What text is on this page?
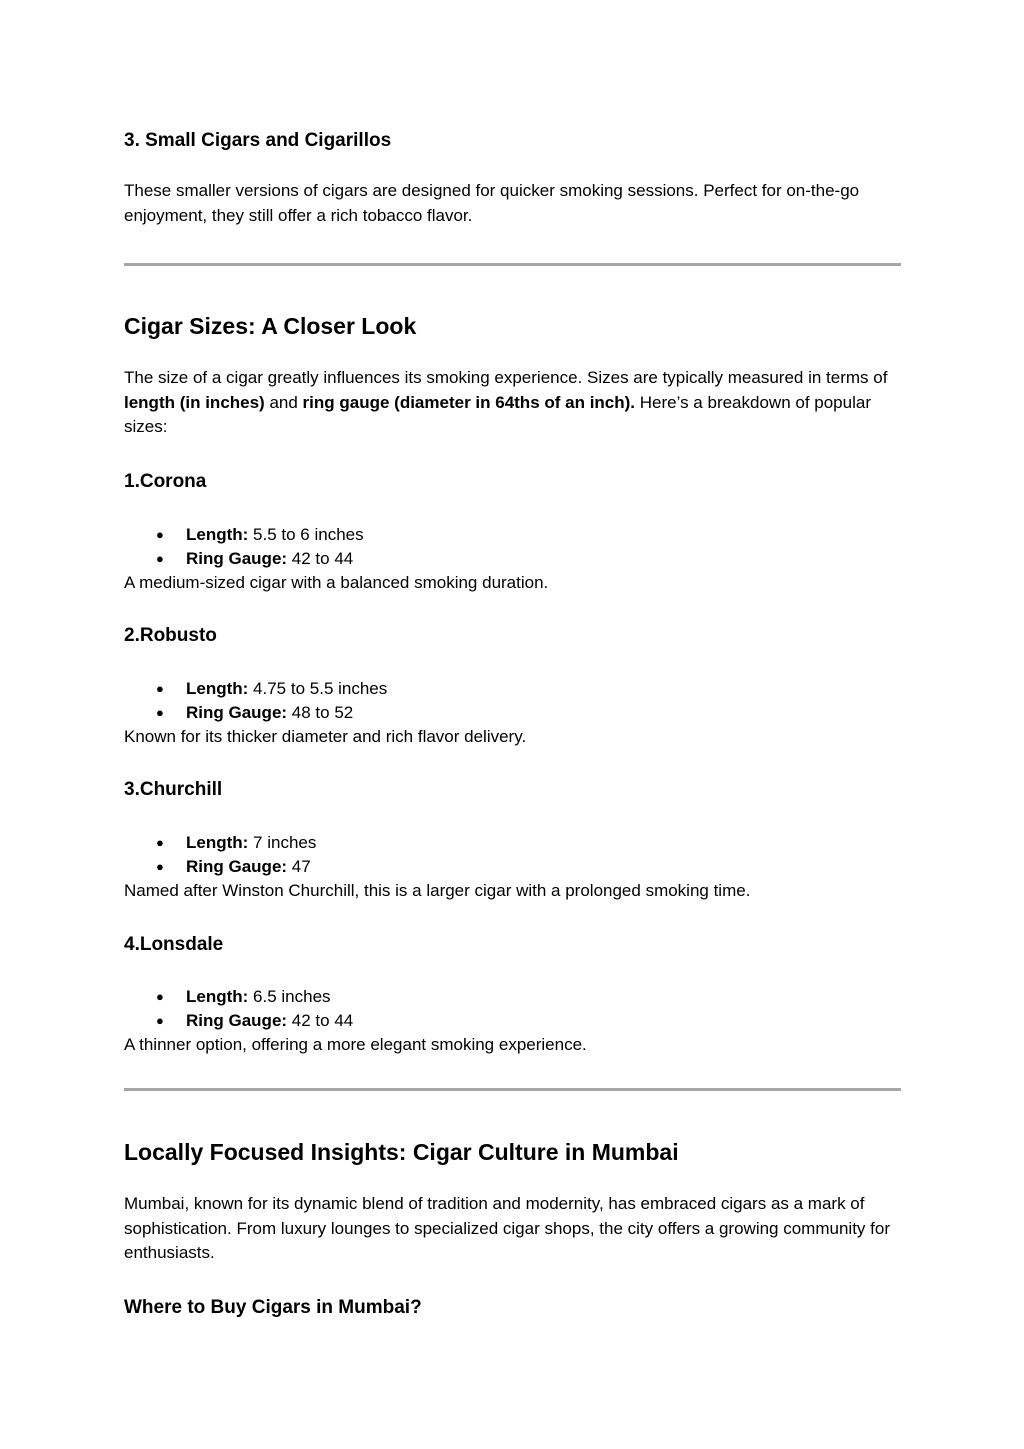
3. Small Cigars and Cigarillos

These smaller versions of cigars are designed for quicker smoking sessions. Perfect for on-the-go enjoyment, they still offer a rich tobacco flavor.

Cigar Sizes: A Closer Look

The size of a cigar greatly influences its smoking experience. Sizes are typically measured in terms of length (in inches) and ring gauge (diameter in 64ths of an inch). Here’s a breakdown of popular sizes:

1.Corona
● Length: 5.5 to 6 inches
● Ring Gauge: 42 to 44

A medium-sized cigar with a balanced smoking duration.

2.Robusto
● Length: 4.75 to 5.5 inches
● Ring Gauge: 48 to 52

Known for its thicker diameter and rich flavor delivery.

3.Churchill
● Length: 7 inches
● Ring Gauge: 47

Named after Winston Churchill, this is a larger cigar with a prolonged smoking time.

4.Lonsdale
● Length: 6.5 inches
● Ring Gauge: 42 to 44

A thinner option, offering a more elegant smoking experience.

Locally Focused Insights: Cigar Culture in Mumbai

Mumbai, known for its dynamic blend of tradition and modernity, has embraced cigars as a mark of sophistication. From luxury lounges to specialized cigar shops, the city offers a growing community for enthusiasts.

Where to Buy Cigars in Mumbai?
